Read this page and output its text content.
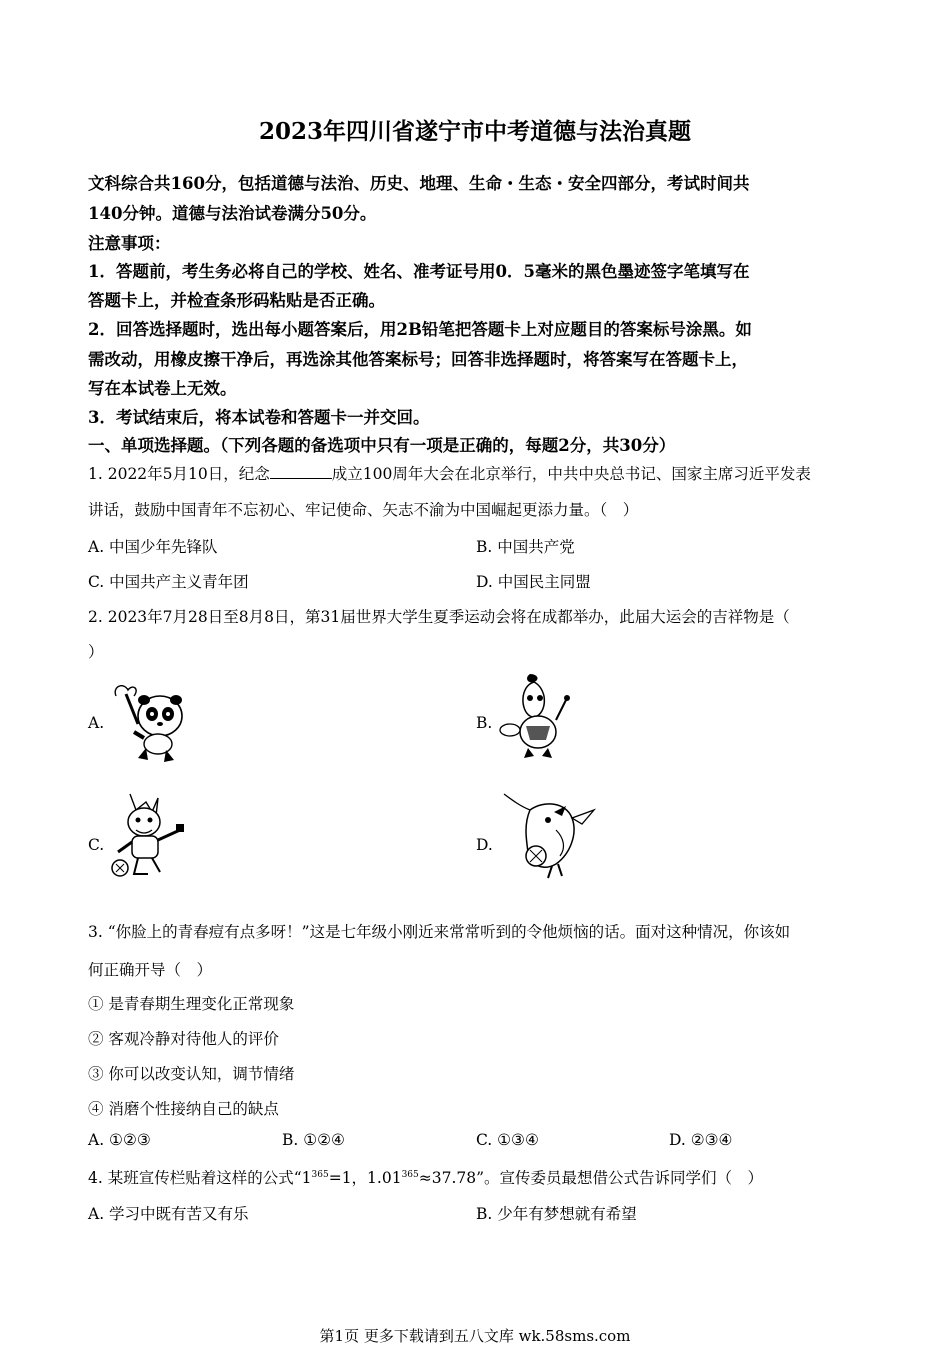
2023年四川省遂宁市中考道德与法治真题
文科综合共160分，包括道德与法治、历史、地理、生命・生态・安全四部分，考试时间共
140分钟。道德与法治试卷满分50分。
注意事项：
1．答题前，考生务必将自己的学校、姓名、准考证号用0．5毫米的黑色墨迹签字笔填写在
答题卡上，并检查条形码粘贴是否正确。
2．回答选择题时，选出每小题答案后，用2B铅笔把答题卡上对应题目的答案标号涂黑。如
需改动，用橡皮擦干净后，再选涂其他答案标号；回答非选择题时，将答案写在答题卡上，
写在本试卷上无效。
3．考试结束后，将本试卷和答题卡一并交回。
一、单项选择题。（下列各题的备选项中只有一项是正确的，每题2分，共30分）
1. 2022年5月10日，纪念	成立100周年大会在北京举行，中共中央总书记、国家主席习近平发表
讲话，鼓励中国青年不忘初心、牢记使命、矢志不渝为中国崛起更添力量。（　）
A. 中国少年先锋队	B. 中国共产党
C. 中国共产主义青年团	D. 中国民主同盟
2. 2023年7月28日至8月8日，第31届世界大学生夏季运动会将在成都举办，此届大运会的吉祥物是（
）
A.	B.
C.	D.
3. “你脸上的青春痘有点多呀！”这是七年级小刚近来常常听到的令他烦恼的话。面对这种情况，你该如
何正确开导（　）
① 是青春期生理变化正常现象
② 客观冷静对待他人的评价
③ 你可以改变认知，调节情绪
④ 消磨个性接纳自己的缺点
A. ①②③	B. ①②④	C. ①③④	D. ②③④
4. 某班宣传栏贴着这样的公式“$1^{365}=1$，$1.01^{365}\approx 37.78$”。宣传委员最想借公式告诉同学们（　）
A. 学习中既有苦又有乐	B. 少年有梦想就有希望
第1页 更多下载请到五八文库 wk.58sms.com
